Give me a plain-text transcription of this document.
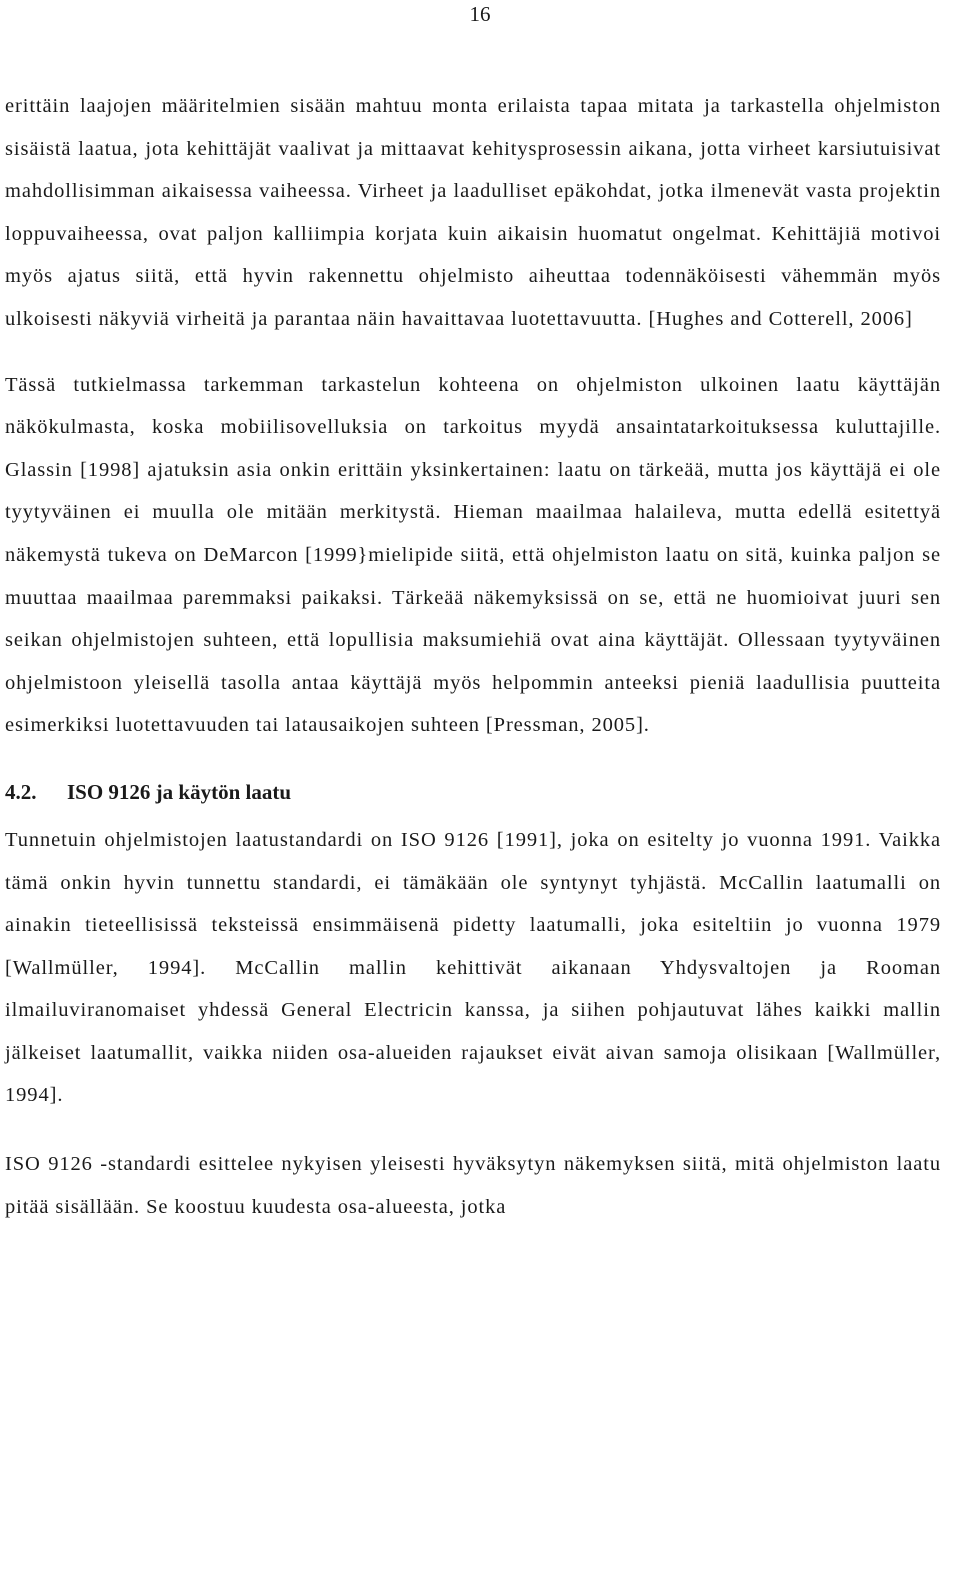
16

erittäin laajojen määritelmien sisään mahtuu monta erilaista tapaa mitata ja tarkastella ohjelmiston sisäistä laatua, jota kehittäjät vaalivat ja mittaavat kehitysprosessin aikana, jotta virheet karsiutuisivat mahdollisimman aikaisessa vaiheessa. Virheet ja laadulliset epäkohdat, jotka ilmenevät vasta projektin loppuvaiheessa, ovat paljon kalliimpia korjata kuin aikaisin huomatut ongelmat. Kehittäjiä motivoi myös ajatus siitä, että hyvin rakennettu ohjelmisto aiheuttaa todennäköisesti vähemmän myös ulkoisesti näkyviä virheitä ja parantaa näin havaittavaa luotettavuutta. [Hughes and Cotterell, 2006]

Tässä tutkielmassa tarkemman tarkastelun kohteena on ohjelmiston ulkoinen laatu käyttäjän näkökulmasta, koska mobiilisovelluksia on tarkoitus myydä ansaintatarkoituksessa kuluttajille. Glassin [1998] ajatuksin asia onkin erittäin yksinkertainen: laatu on tärkeää, mutta jos käyttäjä ei ole tyytyväinen ei muulla ole mitään merkitystä. Hieman maailmaa halaileva, mutta edellä esitettyä näkemystä tukeva on DeMarcon [1999}mielipide siitä, että ohjelmiston laatu on sitä, kuinka paljon se muuttaa maailmaa paremmaksi paikaksi. Tärkeää näkemyksissä on se, että ne huomioivat juuri sen seikan ohjelmistojen suhteen, että lopullisia maksumiehiä ovat aina käyttäjät. Ollessaan tyytyväinen ohjelmistoon yleisellä tasolla antaa käyttäjä myös helpommin anteeksi pieniä laadullisia puutteita esimerkiksi luotettavuuden tai latausaikojen suhteen [Pressman, 2005].

4.2. ISO 9126 ja käytön laatu

Tunnetuin ohjelmistojen laatustandardi on ISO 9126 [1991], joka on esitelty jo vuonna 1991. Vaikka tämä onkin hyvin tunnettu standardi, ei tämäkään ole syntynyt tyhjästä. McCallin laatumalli on ainakin tieteellisissä teksteissä ensimmäisenä pidetty laatumalli, joka esiteltiin jo vuonna 1979 [Wallmüller, 1994]. McCallin mallin kehittivät aikanaan Yhdysvaltojen ja Rooman ilmailuviranomaiset yhdessä General Electricin kanssa, ja siihen pohjautuvat lähes kaikki mallin jälkeiset laatumallit, vaikka niiden osa-alueiden rajaukset eivät aivan samoja olisikaan [Wallmüller, 1994].

ISO 9126 -standardi esittelee nykyisen yleisesti hyväksytyn näkemyksen siitä, mitä ohjelmiston laatu pitää sisällään. Se koostuu kuudesta osa-alueesta, jotka
